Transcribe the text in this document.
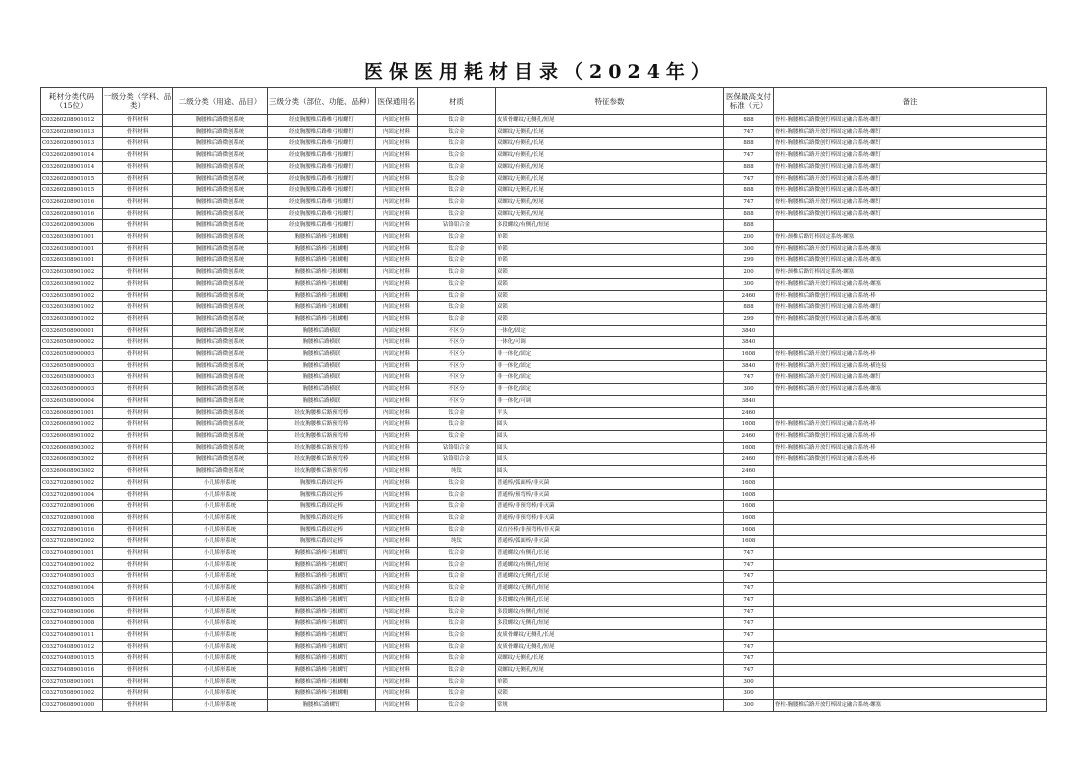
医保医用耗材目录（2024年）
耗材分类代码（15位）	一级分类（学科、品类）	二级分类（用途、品目）	三级分类（部位、功能、品种）	医保通用名	材质	特征参数	医保最高支付标准（元）	备注
C03260208901012	骨科材料	胸腰椎后路微创系统	经皮胸腰椎后路椎弓根螺钉	内固定材料	钛合金	皮质骨螺纹/无侧孔/短尾	888	脊柱-胸腰椎后路微创钉棒固定融合系统-螺钉
C03260208901013	骨科材料	胸腰椎后路微创系统	经皮胸腰椎后路椎弓根螺钉	内固定材料	钛合金	双螺纹/无侧孔/长尾	747	脊柱-胸腰椎后路开放钉棒固定融合系统-螺钉
C03260208901013	骨科材料	胸腰椎后路微创系统	经皮胸腰椎后路椎弓根螺钉	内固定材料	钛合金	双螺纹/有侧孔/长尾	888	脊柱-胸腰椎后路微创钉棒固定融合系统-螺钉
C03260208901014	骨科材料	胸腰椎后路微创系统	经皮胸腰椎后路椎弓根螺钉	内固定材料	钛合金	双螺纹/有侧孔/长尾	747	脊柱-胸腰椎后路开放钉棒固定融合系统-螺钉
C03260208901014	骨科材料	胸腰椎后路微创系统	经皮胸腰椎后路椎弓根螺钉	内固定材料	钛合金	双螺纹/有侧孔/短尾	888	脊柱-胸腰椎后路微创钉棒固定融合系统-螺钉
C03260208901015	骨科材料	胸腰椎后路微创系统	经皮胸腰椎后路椎弓根螺钉	内固定材料	钛合金	双螺纹/无侧孔/长尾	747	脊柱-胸腰椎后路开放钉棒固定融合系统-螺钉
C03260208901015	骨科材料	胸腰椎后路微创系统	经皮胸腰椎后路椎弓根螺钉	内固定材料	钛合金	双螺纹/无侧孔/长尾	888	脊柱-胸腰椎后路微创钉棒固定融合系统-螺钉
C03260208901016	骨科材料	胸腰椎后路微创系统	经皮胸腰椎后路椎弓根螺钉	内固定材料	钛合金	双螺纹/无侧孔/短尾	747	脊柱-胸腰椎后路开放钉棒固定融合系统-螺钉
C03260208901016	骨科材料	胸腰椎后路微创系统	经皮胸腰椎后路椎弓根螺钉	内固定材料	钛合金	双螺纹/无侧孔/短尾	888	脊柱-胸腰椎后路微创钉棒固定融合系统-螺钉
C03260208903006	骨科材料	胸腰椎后路微创系统	经皮胸腰椎后路椎弓根螺钉	内固定材料	钴铬钼合金	多段螺纹/有侧孔/短尾	888	
C03260308901001	骨科材料	胸腰椎后路微创系统	胸腰椎后路椎弓根螺帽	内固定材料	钛合金	单锁	200	脊柱-颈椎后路钉棒固定系统-螺塞
C03260308901001	骨科材料	胸腰椎后路微创系统	胸腰椎后路椎弓根螺帽	内固定材料	钛合金	单锁	300	脊柱-胸腰椎后路开放钉棒固定融合系统-螺塞
C03260308901001	骨科材料	胸腰椎后路微创系统	胸腰椎后路椎弓根螺帽	内固定材料	钛合金	单锁	299	脊柱-胸腰椎后路微创钉棒固定融合系统-螺塞
C03260308901002	骨科材料	胸腰椎后路微创系统	胸腰椎后路椎弓根螺帽	内固定材料	钛合金	双锁	200	脊柱-颈椎后路钉棒固定系统-螺塞
C03260308901002	骨科材料	胸腰椎后路微创系统	胸腰椎后路椎弓根螺帽	内固定材料	钛合金	双锁	300	脊柱-胸腰椎后路开放钉棒固定融合系统-螺塞
C03260308901002	骨科材料	胸腰椎后路微创系统	胸腰椎后路椎弓根螺帽	内固定材料	钛合金	双锁	2460	脊柱-胸腰椎后路微创钉棒固定融合系统-棒
C03260308901002	骨科材料	胸腰椎后路微创系统	胸腰椎后路椎弓根螺帽	内固定材料	钛合金	双锁	888	脊柱-胸腰椎后路微创钉棒固定融合系统-螺钉
C03260308901002	骨科材料	胸腰椎后路微创系统	胸腰椎后路椎弓根螺帽	内固定材料	钛合金	双锁	299	脊柱-胸腰椎后路微创钉棒固定融合系统-螺塞
C03260508900001	骨科材料	胸腰椎后路微创系统	胸腰椎后路横联	内固定材料	不区分	一体化/固定	3840	
C03260508900002	骨科材料	胸腰椎后路微创系统	胸腰椎后路横联	内固定材料	不区分	一体化/可调	3840	
C03260508900003	骨科材料	胸腰椎后路微创系统	胸腰椎后路横联	内固定材料	不区分	非一体化/固定	1608	脊柱-胸腰椎后路开放钉棒固定融合系统-棒
C03260508900003	骨科材料	胸腰椎后路微创系统	胸腰椎后路横联	内固定材料	不区分	非一体化/固定	3840	脊柱-胸腰椎后路开放钉棒固定融合系统-横连接
C03260508900003	骨科材料	胸腰椎后路微创系统	胸腰椎后路横联	内固定材料	不区分	非一体化/固定	747	脊柱-胸腰椎后路开放钉棒固定融合系统-螺钉
C03260508900003	骨科材料	胸腰椎后路微创系统	胸腰椎后路横联	内固定材料	不区分	非一体化/固定	300	脊柱-胸腰椎后路开放钉棒固定融合系统-螺塞
C03260508900004	骨科材料	胸腰椎后路微创系统	胸腰椎后路横联	内固定材料	不区分	非一体化/可调	3840	
C03260608901001	骨科材料	胸腰椎后路微创系统	经皮胸腰椎后路预弯棒	内固定材料	钛合金	平头	2460	
C03260608901002	骨科材料	胸腰椎后路微创系统	经皮胸腰椎后路预弯棒	内固定材料	钛合金	圆头	1608	脊柱-胸腰椎后路开放钉棒固定融合系统-棒
C03260608901002	骨科材料	胸腰椎后路微创系统	经皮胸腰椎后路预弯棒	内固定材料	钛合金	圆头	2460	脊柱-胸腰椎后路微创钉棒固定融合系统-棒
C03260608903002	骨科材料	胸腰椎后路微创系统	经皮胸腰椎后路预弯棒	内固定材料	钴铬钼合金	圆头	1608	脊柱-胸腰椎后路开放钉棒固定融合系统-棒
C03260608903002	骨科材料	胸腰椎后路微创系统	经皮胸腰椎后路预弯棒	内固定材料	钴铬钼合金	圆头	2460	脊柱-胸腰椎后路微创钉棒固定融合系统-棒
C03260608903002	骨科材料	胸腰椎后路微创系统	经皮胸腰椎后路预弯棒	内固定材料	纯钛	圆头	2460	
C03270208901002	骨科材料	小儿矫形系统	胸腰椎后路固定棒	内固定材料	钛合金	普通棒/弧面棒/非灭菌	1608	
C03270208901004	骨科材料	小儿矫形系统	胸腰椎后路固定棒	内固定材料	钛合金	普通棒/预弯棒/非灭菌	1608	
C03270208901006	骨科材料	小儿矫形系统	胸腰椎后路固定棒	内固定材料	钛合金	普通棒/非预弯棒/非灭菌	1608	
C03270208901008	骨科材料	小儿矫形系统	胸腰椎后路固定棒	内固定材料	钛合金	普通棒/非预弯棒/非灭菌	1608	
C03270208901016	骨科材料	小儿矫形系统	胸腰椎后路固定棒	内固定材料	钛合金	双直径棒/非预弯棒/非灭菌	1608	
C03270208902002	骨科材料	小儿矫形系统	胸腰椎后路固定棒	内固定材料	纯钛	普通棒/弧面棒/非灭菌	1608	
C03270408901001	骨科材料	小儿矫形系统	胸腰椎后路椎弓根螺钉	内固定材料	钛合金	普通螺纹/有侧孔/长尾	747	
C03270408901002	骨科材料	小儿矫形系统	胸腰椎后路椎弓根螺钉	内固定材料	钛合金	普通螺纹/有侧孔/短尾	747	
C03270408901003	骨科材料	小儿矫形系统	胸腰椎后路椎弓根螺钉	内固定材料	钛合金	普通螺纹/无侧孔/长尾	747	
C03270408901004	骨科材料	小儿矫形系统	胸腰椎后路椎弓根螺钉	内固定材料	钛合金	普通螺纹/无侧孔/短尾	747	
C03270408901005	骨科材料	小儿矫形系统	胸腰椎后路椎弓根螺钉	内固定材料	钛合金	多段螺纹/有侧孔/长尾	747	
C03270408901006	骨科材料	小儿矫形系统	胸腰椎后路椎弓根螺钉	内固定材料	钛合金	多段螺纹/有侧孔/短尾	747	
C03270408901008	骨科材料	小儿矫形系统	胸腰椎后路椎弓根螺钉	内固定材料	钛合金	多段螺纹/无侧孔/短尾	747	
C03270408901011	骨科材料	小儿矫形系统	胸腰椎后路椎弓根螺钉	内固定材料	钛合金	皮质骨螺纹/无侧孔/长尾	747	
C03270408901012	骨科材料	小儿矫形系统	胸腰椎后路椎弓根螺钉	内固定材料	钛合金	皮质骨螺纹/无侧孔/短尾	747	
C03270408901015	骨科材料	小儿矫形系统	胸腰椎后路椎弓根螺钉	内固定材料	钛合金	双螺纹/无侧孔/长尾	747	
C03270408901016	骨科材料	小儿矫形系统	胸腰椎后路椎弓根螺钉	内固定材料	钛合金	双螺纹/无侧孔/短尾	747	
C03270508901001	骨科材料	小儿矫形系统	胸腰椎后路椎弓根螺帽	内固定材料	钛合金	单锁	300	
C03270508901002	骨科材料	小儿矫形系统	胸腰椎后路椎弓根螺帽	内固定材料	钛合金	双锁	300	
C03270608901000	骨科材料	小儿矫形系统	胸腰椎后路螺钉	内固定材料	钛合金	常规	300	脊柱-胸腰椎后路开放钉棒固定融合系统-螺塞
